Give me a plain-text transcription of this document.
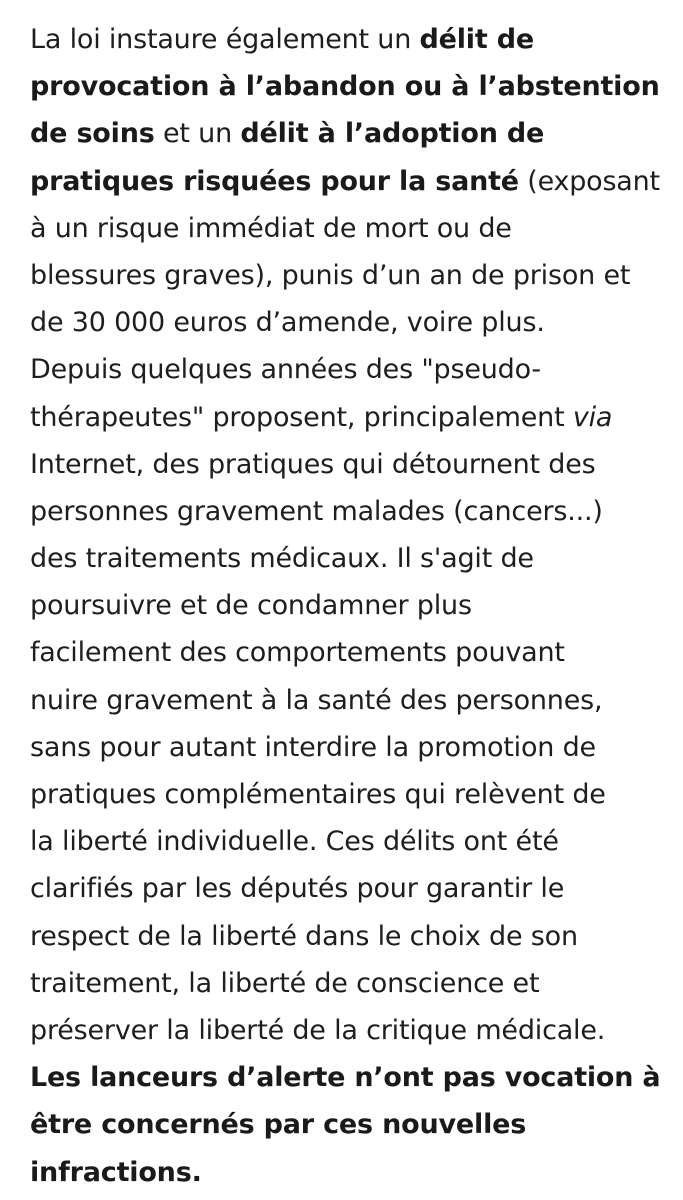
La loi instaure également un délit de
provocation à l’abandon ou à l’abstention
de soins et un délit à l’adoption de
pratiques risquées pour la santé (exposant
à un risque immédiat de mort ou de
blessures graves), punis d’un an de prison et
de 30 000 euros d’amende, voire plus.
Depuis quelques années des "pseudo-
thérapeutes" proposent, principalement via
Internet, des pratiques qui détournent des
personnes gravement malades (cancers...)
des traitements médicaux. Il s'agit de
poursuivre et de condamner plus
facilement des comportements pouvant
nuire gravement à la santé des personnes,
sans pour autant interdire la promotion de
pratiques complémentaires qui relèvent de
la liberté individuelle. Ces délits ont été
clarifiés par les députés pour garantir le
respect de la liberté dans le choix de son
traitement, la liberté de conscience et
préserver la liberté de la critique médicale.
Les lanceurs d’alerte n’ont pas vocation à
être concernés par ces nouvelles
infractions.
